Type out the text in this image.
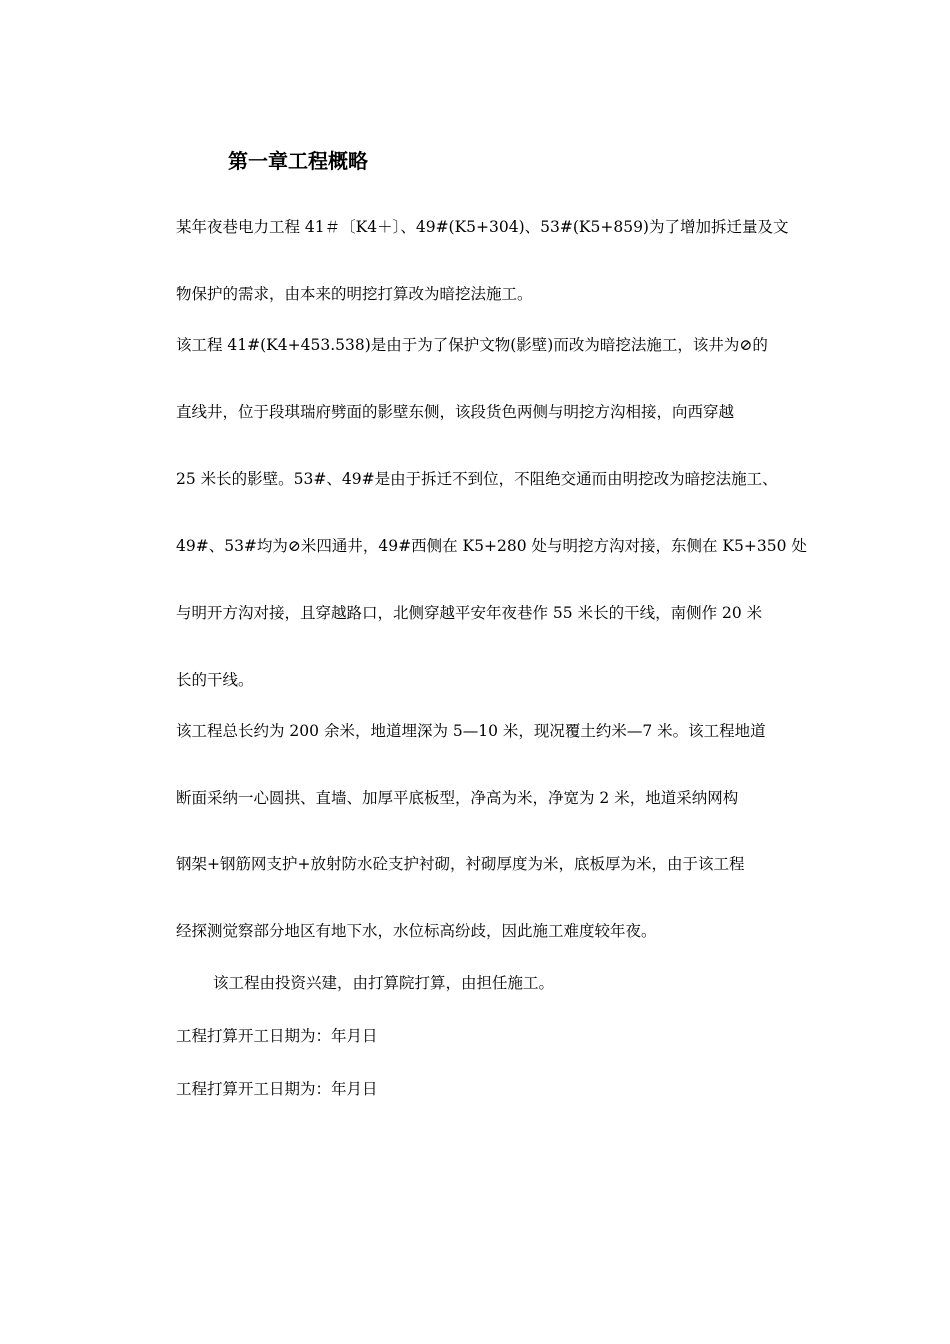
第一章工程概略
某年夜巷电力工程 41＃〔K4＋〕、49#(K5+304)、53#(K5+859)为了增加拆迁量及文
物保护的需求，由本来的明挖打算改为暗挖法施工。
该工程 41#(K4+453.538)是由于为了保护文物(影壁)而改为暗挖法施工，该井为⊘的
直线井，位于段琪瑞府劈面的影壁东侧，该段货色两侧与明挖方沟相接，向西穿越
25 米长的影壁。53#、49#是由于拆迁不到位，不阻绝交通而由明挖改为暗挖法施工、
49#、53#均为⊘米四通井，49#西侧在 K5+280 处与明挖方沟对接，东侧在 K5+350 处
与明开方沟对接，且穿越路口，北侧穿越平安年夜巷作 55 米长的干线，南侧作 20 米
长的干线。
该工程总长约为 200 余米，地道埋深为 5—10 米，现况覆土约米—7 米。该工程地道
断面采纳一心圆拱、直墙、加厚平底板型，净高为米，净宽为 2 米，地道采纳网构
钢架+钢筋网支护+放射防水砼支护衬砌，衬砌厚度为米，底板厚为米，由于该工程
经探测觉察部分地区有地下水，水位标高纷歧，因此施工难度较年夜。
该工程由投资兴建，由打算院打算，由担任施工。
工程打算开工日期为：年月日
工程打算开工日期为：年月日
